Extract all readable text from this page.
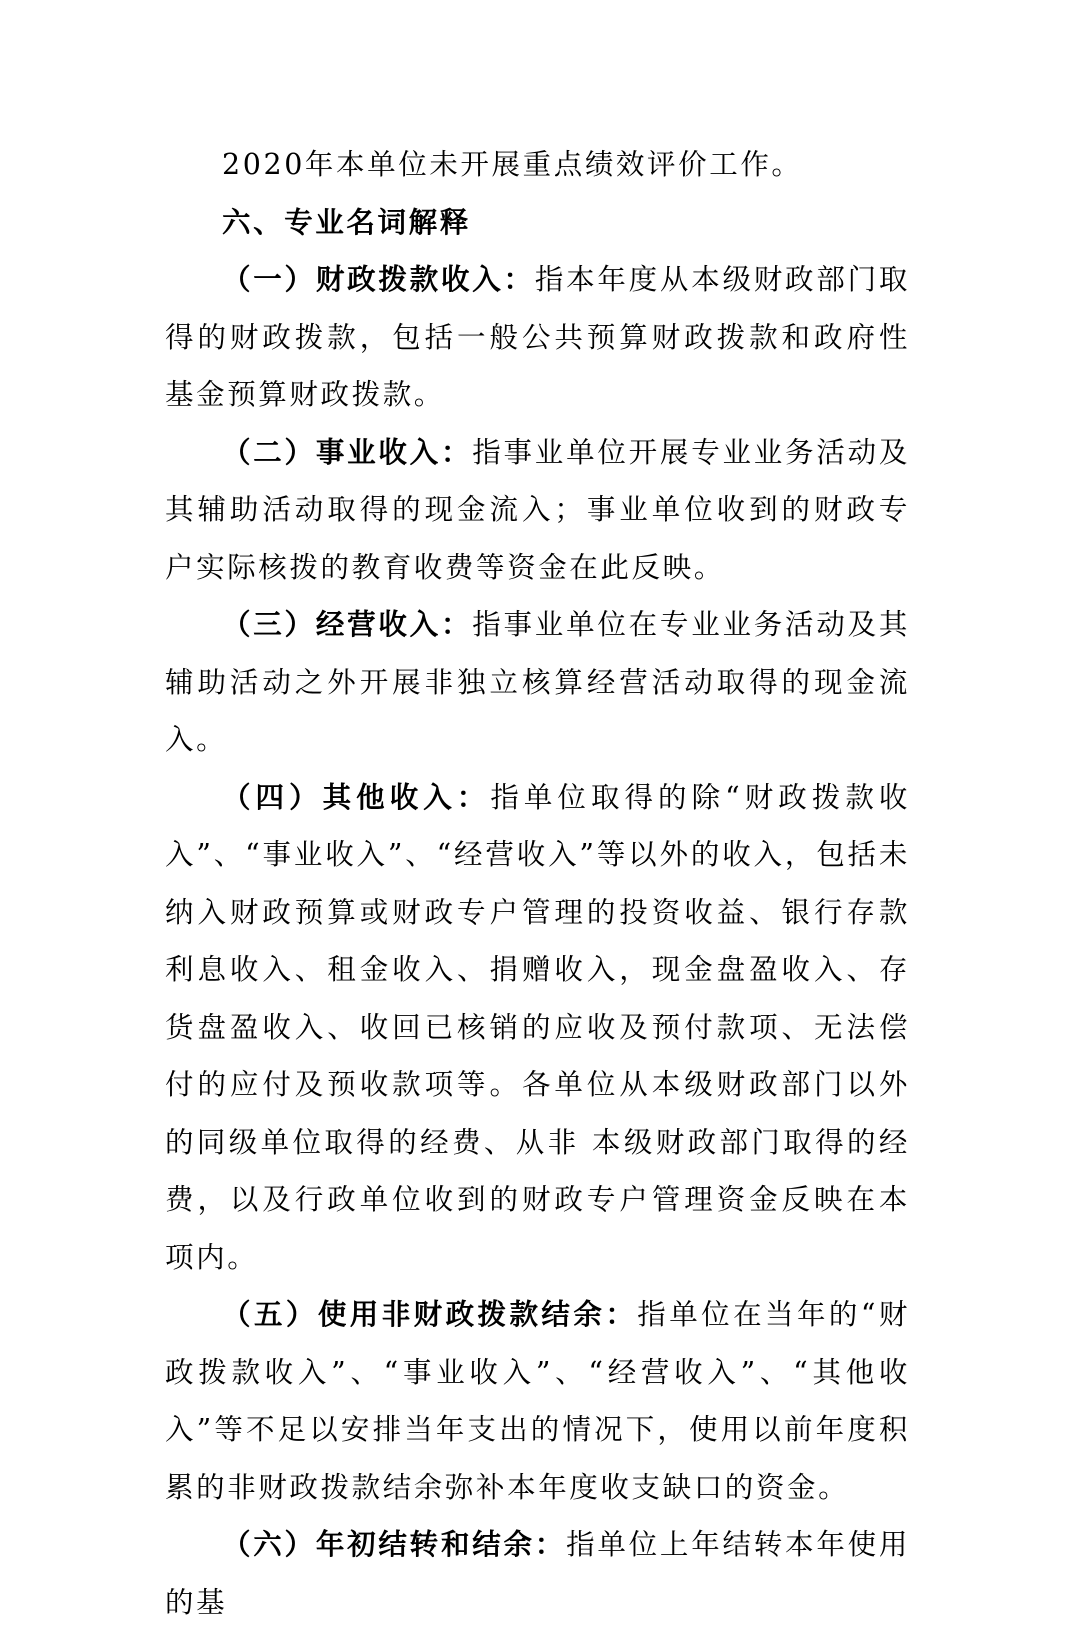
2020年本单位未开展重点绩效评价工作。

六、专业名词解释

（一）财政拨款收入：指本年度从本级财政部门取得的财政拨款，包括一般公共预算财政拨款和政府性基金预算财政拨款。

（二）事业收入：指事业单位开展专业业务活动及其辅助活动取得的现金流入；事业单位收到的财政专户实际核拨的教育收费等资金在此反映。

（三）经营收入：指事业单位在专业业务活动及其辅助活动之外开展非独立核算经营活动取得的现金流入。

（四）其他收入：指单位取得的除“财政拨款收入”、“事业收入”、“经营收入”等以外的收入，包括未纳入财政预算或财政专户管理的投资收益、银行存款利息收入、租金收入、捐赠收入，现金盘盈收入、存货盘盈收入、收回已核销的应收及预付款项、无法偿付的应付及预收款项等。各单位从本级财政部门以外的同级单位取得的经费、从非 本级财政部门取得的经费，以及行政单位收到的财政专户管理资金反映在本项内。

（五）使用非财政拨款结余：指单位在当年的“财政拨款收入”、“事业收入”、“经营收入”、“其他收入”等不足以安排当年支出的情况下，使用以前年度积累的非财政拨款结余弥补本年度收支缺口的资金。

（六）年初结转和结余：指单位上年结转本年使用的基
